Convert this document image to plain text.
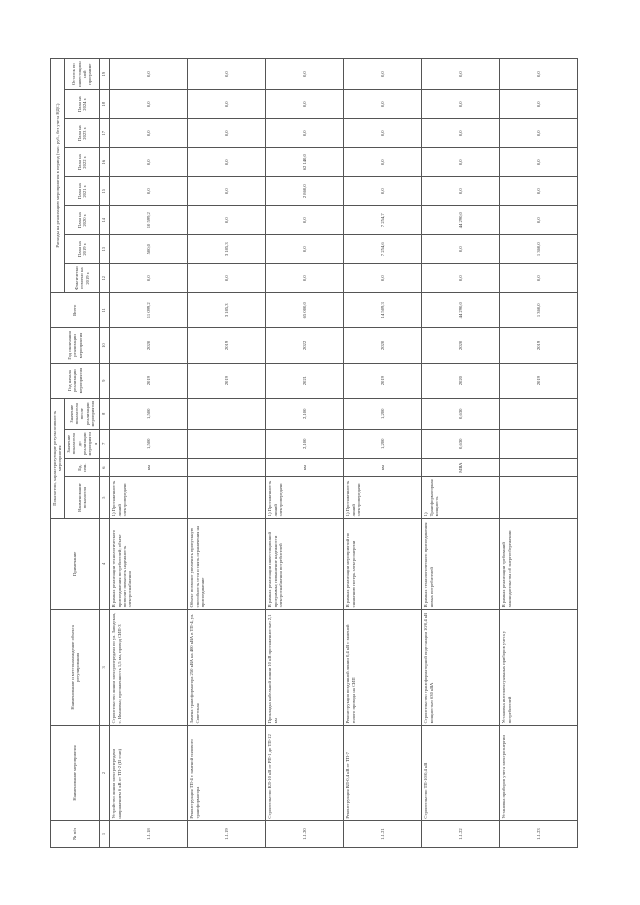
№ п/п	Наименование мероприятия	Наименование и местонахождение объекта регулирования	Примечание	Показатели, характеризующие результативность мероприятия				Год начала реализации мероприятия	Год окончания реализации мероприятия	Всего	Расходы на реализацию мероприятия в период (тыс. руб., без учета НДС)							
				Наименование показателя	Ед. изм.	Значение показателя до реализации мероприятия	Значение показателя после реализации мероприятия				Фактически освоено на 2019 г.	План на 2019 г.	План на 2020 г.	План на 2021 г.	План на 2022 г.	План на 2023 г.	План на 2024 г.	Остаток по инвестиционной программе
1	2	3	4	5	6	7	8	9	10	11	12	13	14	15	16	17	18	19
1.1.18	Устройство линии электропередачи напряжением 6 кВ от ТП-2 (II этап)	Строительство линии электропередачи по ул. Заводская, с. Ивановка; протяженность 1,5 км, провод СИП-3	В рамках реализации технологического присоединения потребителей; объект позволит повысить надежность электроснабжения	1) Протяженность линий электропередачи	км	1,500	1,500	2019	2020	11 099,2	0,0	500,0	10 599,2	0,0	0,0	0,0	0,0	0,0
1.1.19	Реконструкция ТП-4 с заменой силового трансформатора	Замена трансформатора 250 кВА на 400 кВА в ТП-4, ул. Советская	Объект позволит увеличить пропускную способность сети и снять ограничения на присоединение					2019	2019	3 185,3	0,0	3 185,3	0,0	0,0	0,0	0,0	0,0	0,0
1.1.20	Строительство КЛ-10 кВ от РП-1 до ТП-12	Прокладка кабельной линии 10 кВ протяженностью 2,1 км	В рамках реализации инвестиционной программы; повышение надежности электроснабжения потребителей	1) Протяженность линий электропередачи	км	2,100	2,100	2021	2022	65 000,0	0,0	0,0	0,0	2 860,0	62 140,0	0,0	0,0	0,0
1.1.21	Реконструкция ВЛ-0,4 кВ от ТП-7	Реконструкция воздушной линии 0,4 кВ с заменой голого провода на СИП	В рамках реализации мероприятий по снижению потерь электроэнергии	1) Протяженность линий электропередачи	км	1,200	1,200	2019	2020	14 509,3	0,0	7 254,6	7 254,7	0,0	0,0	0,0	0,0	0,0
1.1.22	Строительство ТП-10/0,4 кВ	Строительство трансформаторной подстанции 10/0,4 кВ мощностью 630 кВА	В рамках технологического присоединения новых потребителей	1) Трансформаторная мощность	МВА	0,630	0,630	2020	2020	44 290,0	0,0	0,0	44 290,0	0,0	0,0	0,0	0,0	0,0
1.1.23	Установка приборов учета электроэнергии	Установка интеллектуальных приборов учета у потребителей	В рамках реализации требований законодательства об энергосбережении					2019	2019	1 360,0	0,0	1 360,0	0,0	0,0	0,0	0,0	0,0	0,0
